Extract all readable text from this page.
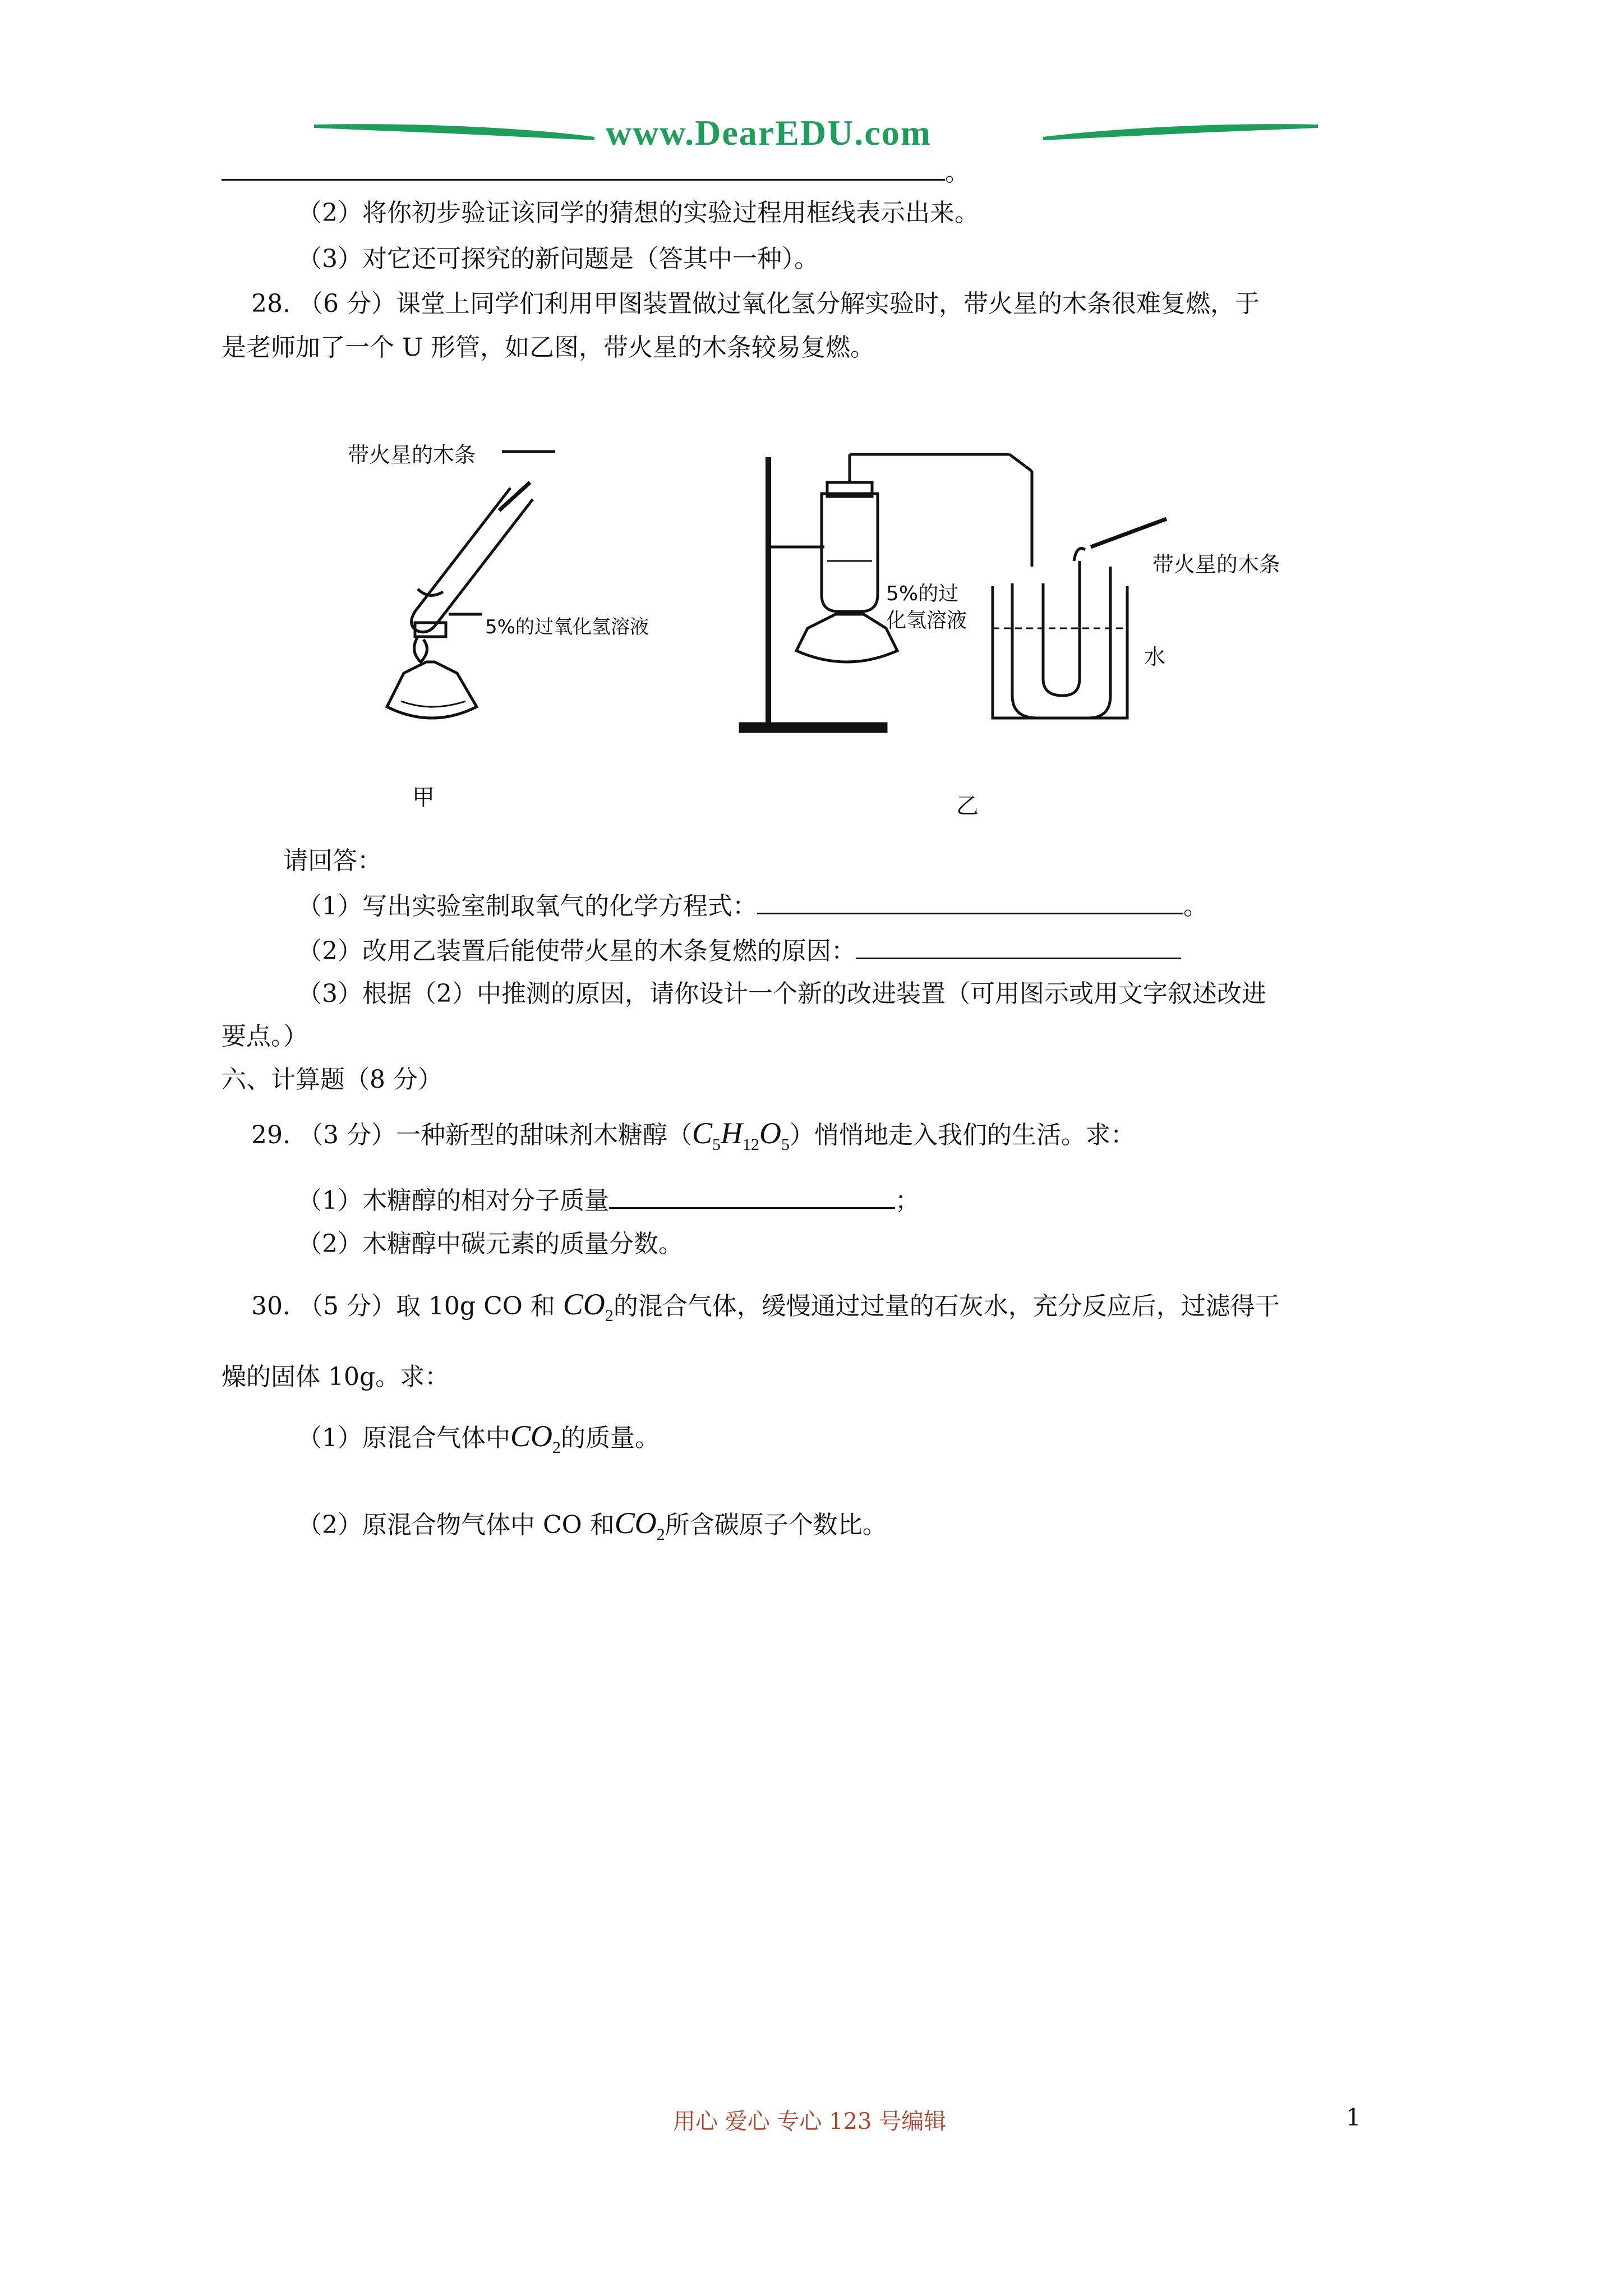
www.DearEDU.com
。
（2）将你初步验证该同学的猜想的实验过程用框线表示出来。
（3）对它还可探究的新问题是（答其中一种）。
28. （6 分）课堂上同学们利用甲图装置做过氧化氢分解实验时，带火星的木条很难复燃，于
是老师加了一个 U 形管，如乙图，带火星的木条较易复燃。
带火星的木条
5%的过氧化氢溶液
甲
5%的过
化氢溶液
带火星的木条
水
乙
请回答：
（1）写出实验室制取氧气的化学方程式：	。
（2）改用乙装置后能使带火星的木条复燃的原因：
（3）根据（2）中推测的原因，请你设计一个新的改进装置（可用图示或用文字叙述改进
要点。）
六、计算题（8 分）
29. （3 分）一种新型的甜味剂木糖醇$(C_5H_{12}O_5)$悄悄地走入我们的生活。求：
（1）木糖醇的相对分子质量	；
（2）木糖醇中碳元素的质量分数。
30. （5 分）取 10g CO 和 $CO_2$的混合气体，缓慢通过过量的石灰水，充分反应后，过滤得干
燥的固体 10g。求：
（1）原混合气体中$CO_2$的质量。
（2）原混合物气体中 CO 和$CO_2$所含碳原子个数比。
用心 爱心 专心 123 号编辑	1
